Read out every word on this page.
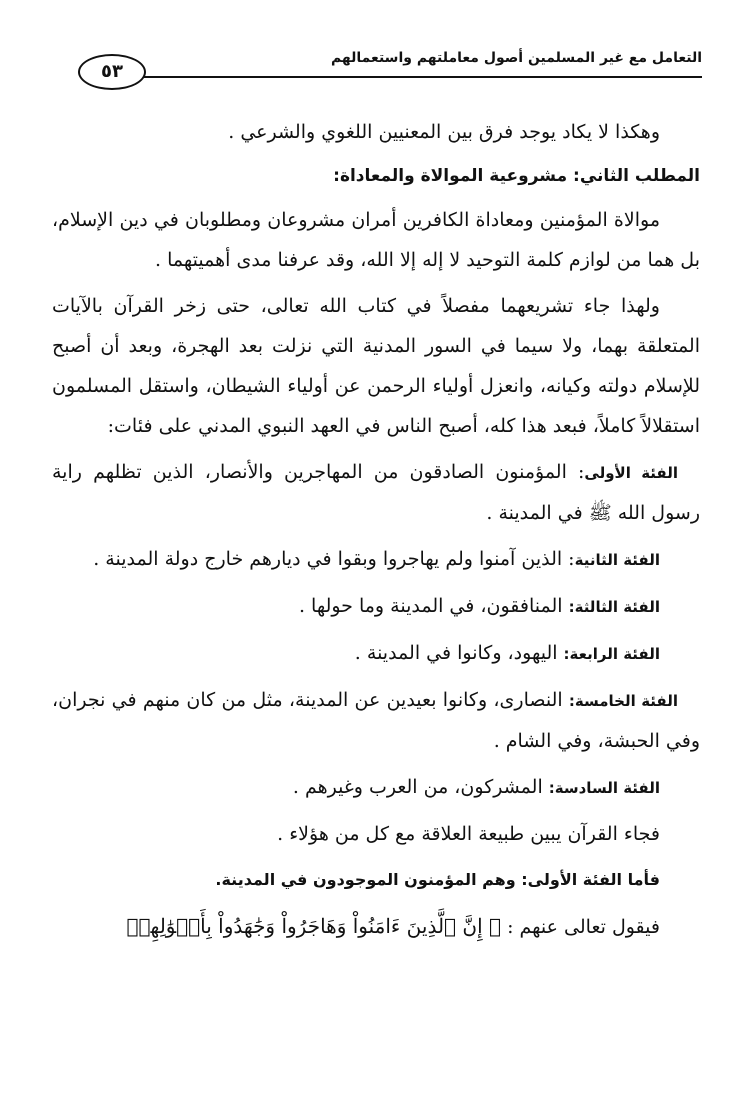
التعامل مع غير المسلمين أصول معاملتهم واستعمالهم
٥٣

وهكذا لا يكاد يوجد فرق بين المعنيين اللغوي والشرعي .

المطلب الثاني: مشروعية الموالاة والمعاداة:

موالاة المؤمنين ومعاداة الكافرين أمران مشروعان ومطلوبان في دين الإسلام، بل هما من لوازم كلمة التوحيد لا إله إلا الله، وقد عرفنا مدى أهميتهما .

ولهذا جاء تشريعهما مفصلاً في كتاب الله تعالى، حتى زخر القرآن بالآيات المتعلقة بهما، ولا سيما في السور المدنية التي نزلت بعد الهجرة، وبعد أن أصبح للإسلام دولته وكيانه، وانعزل أولياء الرحمن عن أولياء الشيطان، واستقل المسلمون استقلالاً كاملاً، فبعد هذا كله، أصبح الناس في العهد النبوي المدني على فئات:

الفئة الأولى: المؤمنون الصادقون من المهاجرين والأنصار، الذين تظلهم راية رسول الله ﷺ في المدينة .

الفئة الثانية: الذين آمنوا ولم يهاجروا وبقوا في ديارهم خارج دولة المدينة .

الفئة الثالثة: المنافقون، في المدينة وما حولها .

الفئة الرابعة: اليهود، وكانوا في المدينة .

الفئة الخامسة: النصارى، وكانوا بعيدين عن المدينة، مثل من كان منهم في نجران، وفي الحبشة، وفي الشام .

الفئة السادسة: المشركون، من العرب وغيرهم .

فجاء القرآن يبين طبيعة العلاقة مع كل من هؤلاء .

فأما الفئة الأولى: وهم المؤمنون الموجودون في المدينة.

فيقول تعالى عنهم : ﴿ إِنَّ ٱلَّذِينَ ءَامَنُواْ وَهَاجَرُواْ وَجَٰهَدُواْ بِأَمۡوَٰلِهِمۡ
